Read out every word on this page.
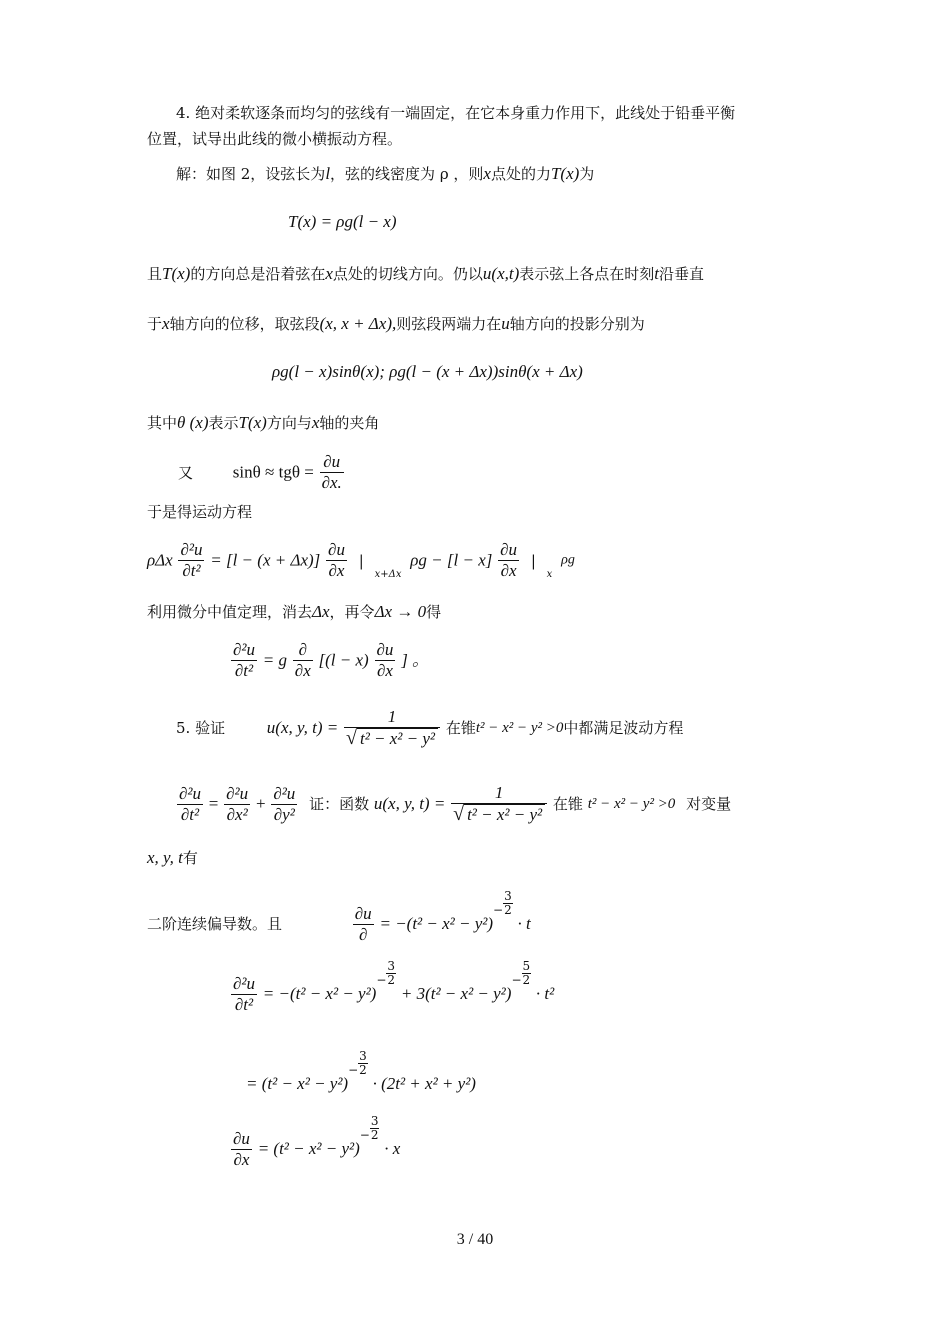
4. 绝对柔软逐条而均匀的弦线有一端固定，在它本身重力作用下，此线处于铅垂平衡
位置，试导出此线的微小横振动方程。
解：如图 2，设弦长为l，弦的线密度为 ρ ，则x点处的力T(x)为
T(x) = ρg(l − x)
且T(x)的方向总是沿着弦在x点处的切线方向。仍以u(x,t)表示弦上各点在时刻t沿垂直
于x轴方向的位移，取弦段(x, x + Δx),则弦段两端力在u轴方向的投影分别为
ρg(l − x)sinθ(x); ρg(l − (x + Δx))sinθ(x + Δx)
其中θ (x)表示T(x)方向与x轴的夹角
又 $\sin\theta \approx tg\theta = \frac{\partial u}{\partial x.}$
于是得运动方程
ρΔx $\frac{\text{∂²u}}{\text{∂t²}} = [l - (x + \Delta x)] \frac{\partial u}{\partial x}$ | $_{x+\Delta x}$ $\rho g - [l - x] \frac{\partial u}{\partial x}$ | $_x$ ρg
利用微分中值定理，消去Δx，再令Δx → 0得
$\frac{\text{∂²u}}{\text{∂t²}} = g \frac{\partial}{\partial x} [(l - x) \frac{\partial u}{\partial x}$ ] 。
5. 验证 u(x, y, $t) = \frac{1}{\text{√ t² − x² − y²}}$ 在锥t² − x² − y² >0中都满足波动方程
$\frac{\text{∂²u}}{\text{∂t²}} = \frac{\text{∂²u}}{\text{∂x²}} + \frac{\text{∂²u}}{\text{∂y²}}$ 证：函数 u(x, y, $t) = \frac{1}{\text{√ t² − x² − y²}}$ 在锥 t² − x² − y² >0 对变量
x, y, t有
二阶连续偏导数。且	$\frac{\partial u}{\partial} = -(t^2 - x^2 - y^2)- \frac{3}{2}$
· t
$\frac{\text{∂²u}}{\text{∂t²}} = -(t^2 - x^2 - y^2)- \frac{3}{2}$
+ $3(t^2 - x^2 - y^2)- \frac{5}{2}$
· t²
= $(t^2 - x^2 - y^2)- \frac{3}{2}$
· (2t² + x² + y²)
$\frac{\partial u}{\partial x} = (t^2 - x^2 - y^2)- \frac{3}{2}$
· x
3 / 40
